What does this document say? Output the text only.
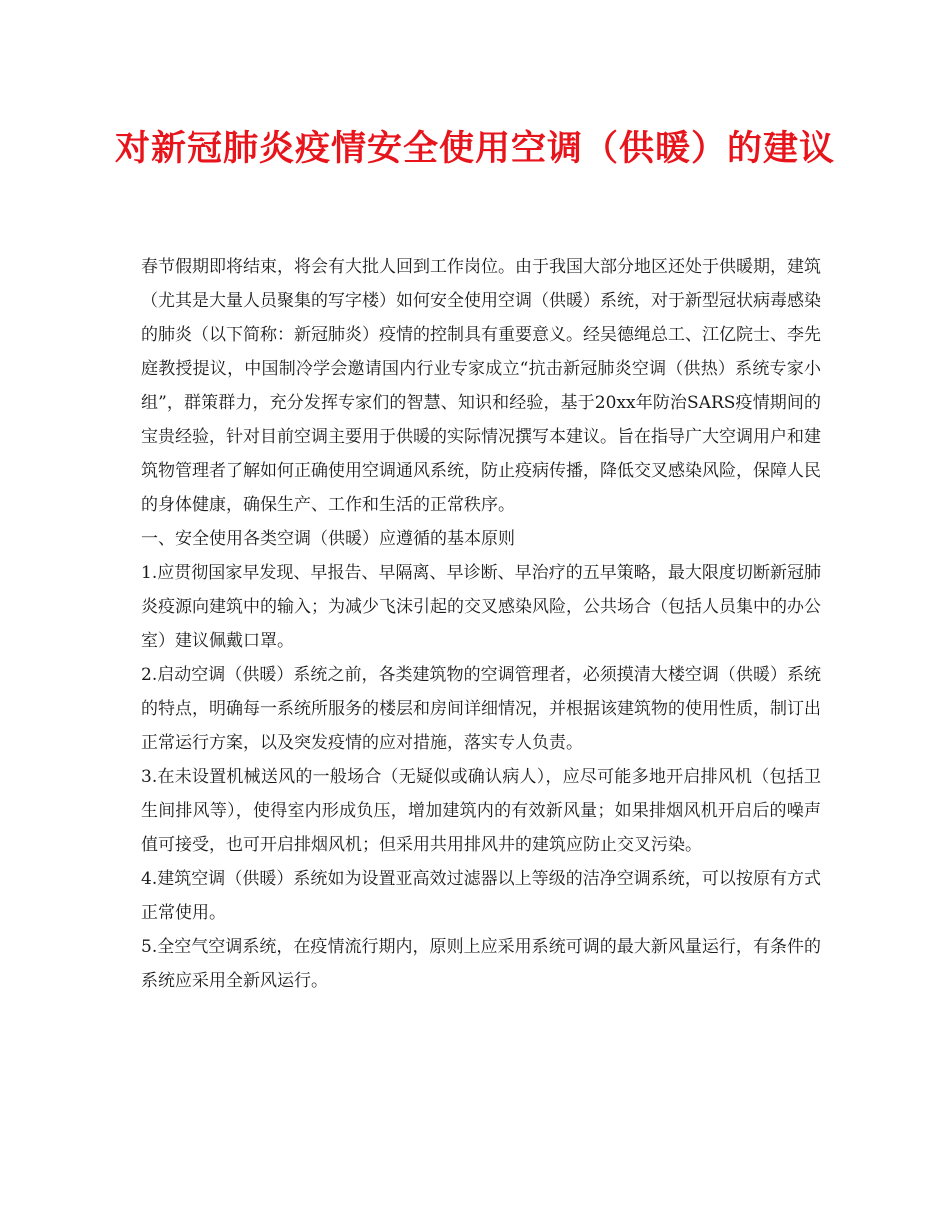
对新冠肺炎疫情安全使用空调（供暖）的建议

春节假期即将结束，将会有大批人回到工作岗位。由于我国大部分地区还处于供暖期，建筑（尤其是大量人员聚集的写字楼）如何安全使用空调（供暖）系统，对于新型冠状病毒感染的肺炎（以下简称：新冠肺炎）疫情的控制具有重要意义。经吴德绳总工、江亿院士、李先庭教授提议，中国制冷学会邀请国内行业专家成立“抗击新冠肺炎空调（供热）系统专家小组”，群策群力，充分发挥专家们的智慧、知识和经验，基于20xx年防治SARS疫情期间的宝贵经验，针对目前空调主要用于供暖的实际情况撰写本建议。旨在指导广大空调用户和建筑物管理者了解如何正确使用空调通风系统，防止疫病传播，降低交叉感染风险，保障人民的身体健康，确保生产、工作和生活的正常秩序。

一、安全使用各类空调（供暖）应遵循的基本原则

1.应贯彻国家早发现、早报告、早隔离、早诊断、早治疗的五早策略，最大限度切断新冠肺炎疫源向建筑中的输入；为减少飞沫引起的交叉感染风险，公共场合（包括人员集中的办公室）建议佩戴口罩。

2.启动空调（供暖）系统之前，各类建筑物的空调管理者，必须摸清大楼空调（供暖）系统的特点，明确每一系统所服务的楼层和房间详细情况，并根据该建筑物的使用性质，制订出正常运行方案，以及突发疫情的应对措施，落实专人负责。

3.在未设置机械送风的一般场合（无疑似或确认病人），应尽可能多地开启排风机（包括卫生间排风等），使得室内形成负压，增加建筑内的有效新风量；如果排烟风机开启后的噪声值可接受，也可开启排烟风机；但采用共用排风井的建筑应防止交叉污染。

4.建筑空调（供暖）系统如为设置亚高效过滤器以上等级的洁净空调系统，可以按原有方式正常使用。

5.全空气空调系统，在疫情流行期内，原则上应采用系统可调的最大新风量运行，有条件的系统应采用全新风运行。
